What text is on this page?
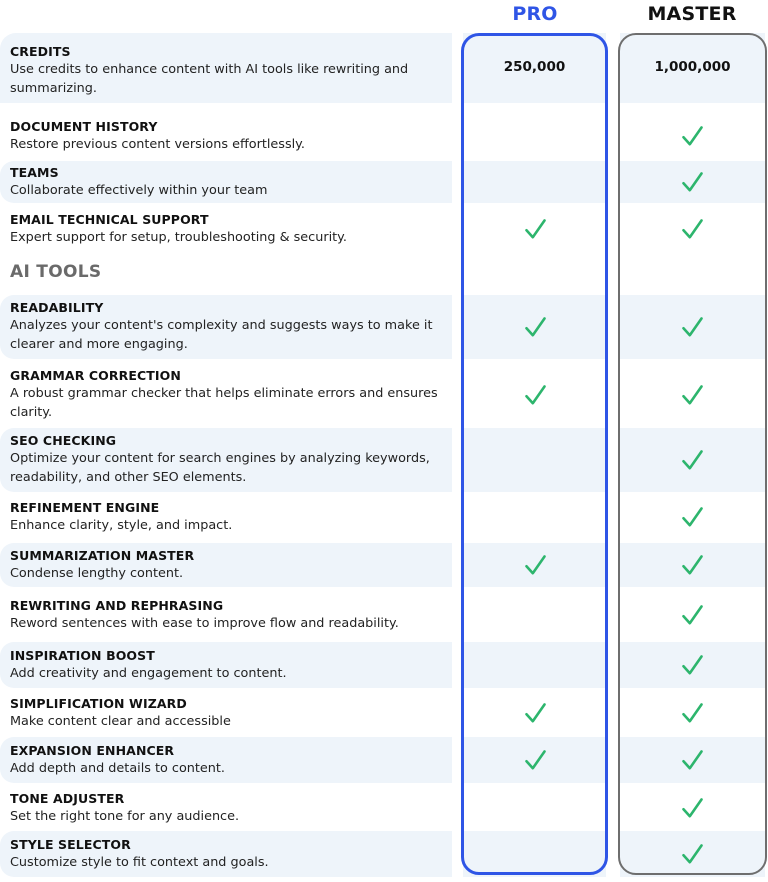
PRO	MASTER
CREDITS
Use credits to enhance content with AI tools like rewriting and summarizing.
250,000	1,000,000
DOCUMENT HISTORY
Restore previous content versions effortlessly.
TEAMS
Collaborate effectively within your team
EMAIL TECHNICAL SUPPORT
Expert support for setup, troubleshooting & security.
AI TOOLS
READABILITY
Analyzes your content's complexity and suggests ways to make it clearer and more engaging.
GRAMMAR CORRECTION
A robust grammar checker that helps eliminate errors and ensures clarity.
SEO CHECKING
Optimize your content for search engines by analyzing keywords, readability, and other SEO elements.
REFINEMENT ENGINE
Enhance clarity, style, and impact.
SUMMARIZATION MASTER
Condense lengthy content.
REWRITING AND REPHRASING
Reword sentences with ease to improve flow and readability.
INSPIRATION BOOST
Add creativity and engagement to content.
SIMPLIFICATION WIZARD
Make content clear and accessible
EXPANSION ENHANCER
Add depth and details to content.
TONE ADJUSTER
Set the right tone for any audience.
STYLE SELECTOR
Customize style to fit context and goals.
